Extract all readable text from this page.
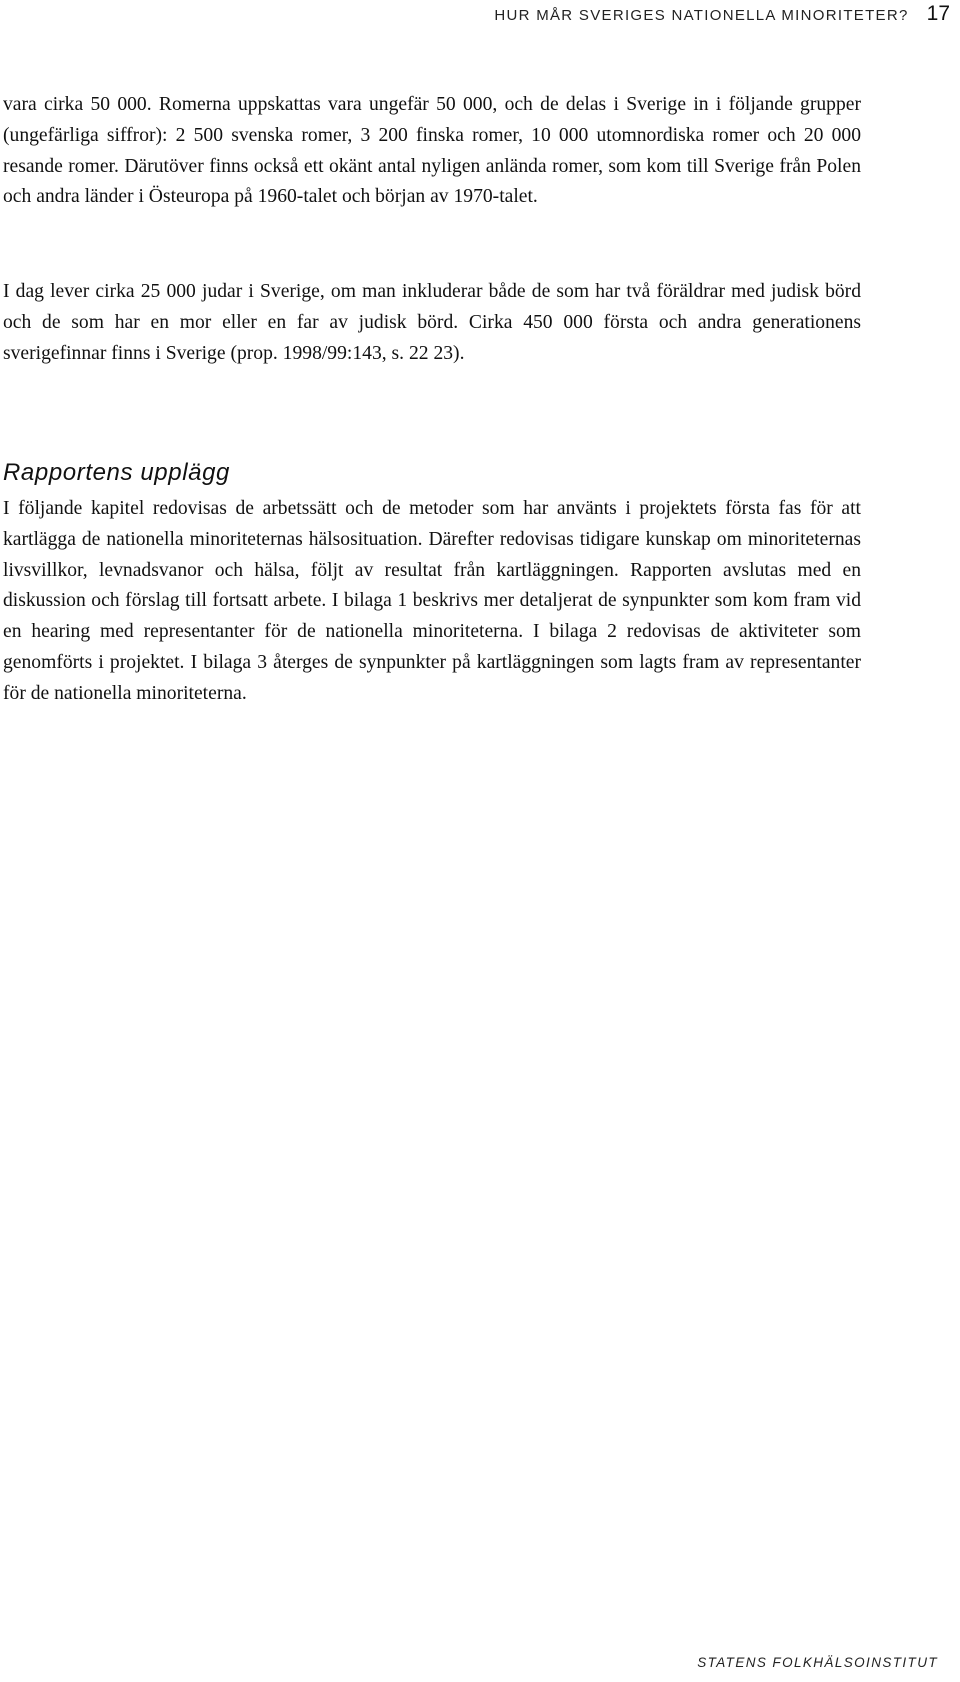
HUR MÅR SVERIGES NATIONELLA MINORITETER? 17

vara cirka 50 000. Romerna uppskattas vara ungefär 50 000, och de delas i Sverige in i följande grupper (ungefärliga siffror): 2 500 svenska romer, 3 200 finska romer, 10 000 utomnordiska romer och 20 000 resande romer. Därutöver finns också ett okänt antal nyligen anlända romer, som kom till Sverige från Polen och andra länder i Östeuropa på 1960-talet och början av 1970-talet.

I dag lever cirka 25 000 judar i Sverige, om man inkluderar både de som har två föräldrar med judisk börd och de som har en mor eller en far av judisk börd. Cirka 450 000 första och andra generationens sverigefinnar finns i Sverige (prop. 1998/99:143, s. 22 23).

Rapportens upplägg

I följande kapitel redovisas de arbetssätt och de metoder som har använts i projektets första fas för att kartlägga de nationella minoriteternas hälsosituation. Därefter redovisas tidigare kunskap om minoriteternas livsvillkor, levnadsvanor och hälsa, följt av resultat från kartläggningen. Rapporten avslutas med en diskussion och förslag till fortsatt arbete. I bilaga 1 beskrivs mer detaljerat de synpunkter som kom fram vid en hearing med representanter för de nationella minoriteterna. I bilaga 2 redovisas de aktiviteter som genomförts i projektet. I bilaga 3 återges de synpunkter på kartläggningen som lagts fram av representanter för de nationella minoriteterna.

STATENS FOLKHÄLSOINSTITUT
